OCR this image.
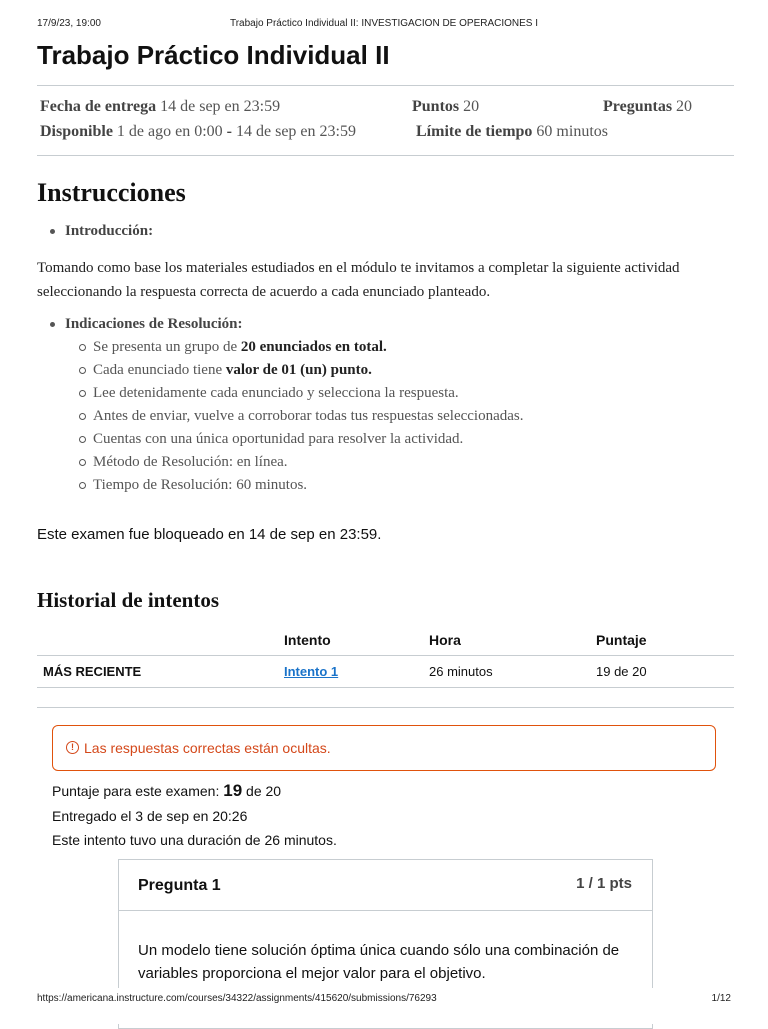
17/9/23, 19:00	Trabajo Práctico Individual II: INVESTIGACION DE OPERACIONES I
Trabajo Práctico Individual II
Fecha de entrega 14 de sep en 23:59	Puntos 20	Preguntas 20
Disponible 1 de ago en 0:00 - 14 de sep en 23:59	Límite de tiempo 60 minutos
Instrucciones
Introducción:

Tomando como base los materiales estudiados en el módulo te invitamos a completar la siguiente actividad seleccionando la respuesta correcta de acuerdo a cada enunciado planteado.

Indicaciones de Resolución:
Se presenta un grupo de 20 enunciados en total.
Cada enunciado tiene valor de 01 (un) punto.
Lee detenidamente cada enunciado y selecciona la respuesta.
Antes de enviar, vuelve a corroborar todas tus respuestas seleccionadas.
Cuentas con una única oportunidad para resolver la actividad.
Método de Resolución: en línea.
Tiempo de Resolución: 60 minutos.
Este examen fue bloqueado en 14 de sep en 23:59.
Historial de intentos
	Intento	Hora	Puntaje
MÁS RECIENTE	Intento 1	26 minutos	19 de 20
! Las respuestas correctas están ocultas.
Puntaje para este examen: 19 de 20
Entregado el 3 de sep en 20:26
Este intento tuvo una duración de 26 minutos.
Pregunta 1	1 / 1 pts

Un modelo tiene solución óptima única cuando sólo una combinación de variables proporciona el mejor valor para el objetivo.

https://americana.instructure.com/courses/34322/assignments/415620/submissions/76293	1/12
